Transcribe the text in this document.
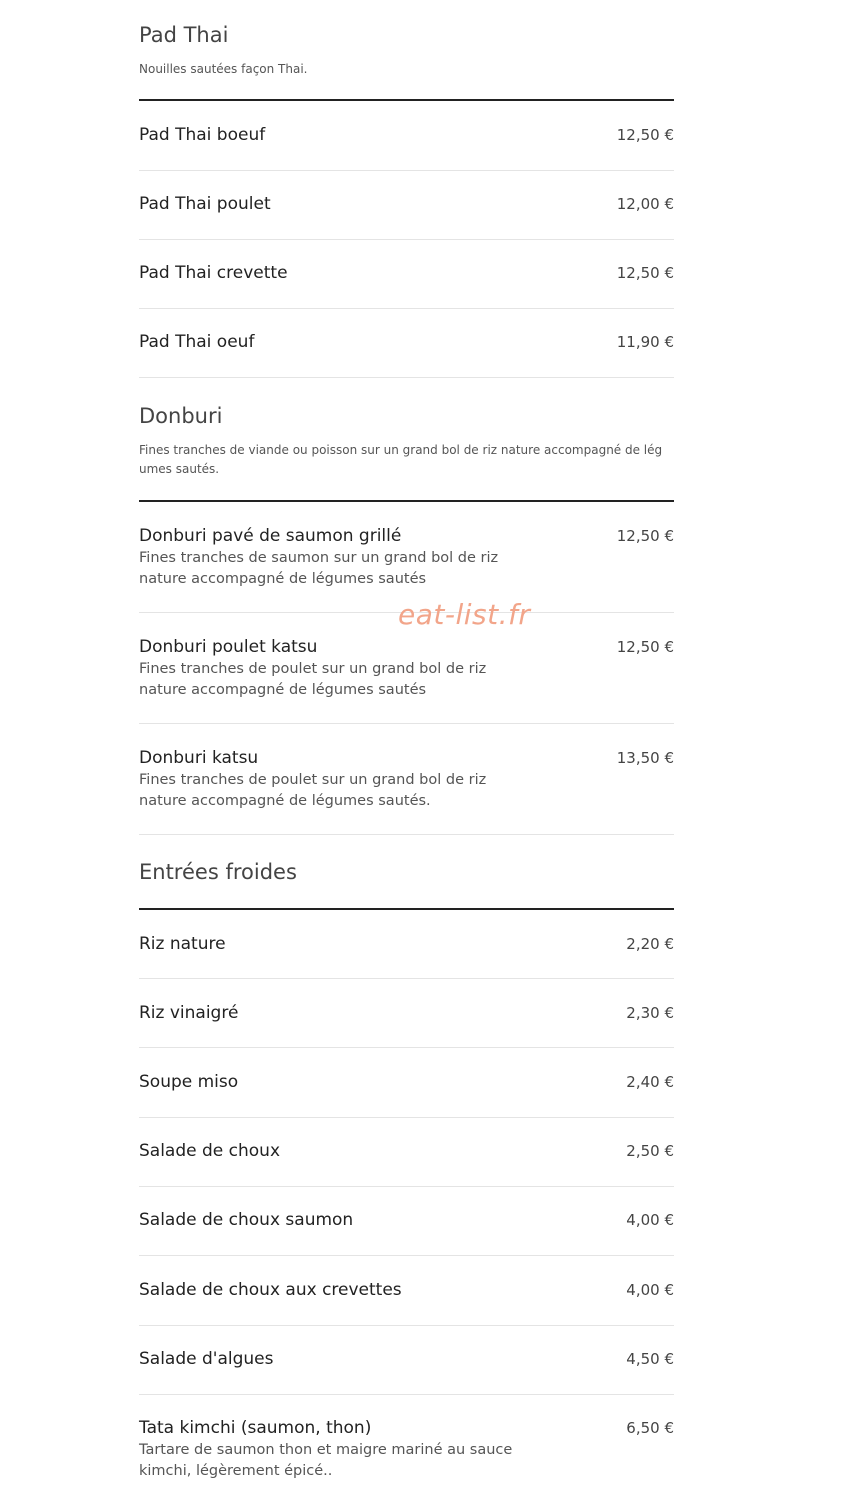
Pad Thai

Nouilles sautées façon Thai.

Pad Thai boeuf	12,50 €
Pad Thai poulet	12,00 €
Pad Thai crevette	12,50 €
Pad Thai oeuf	11,90 €
Donburi

Fines tranches de viande ou poisson sur un grand bol de riz nature accompagné de lég

umes sautés.

Donburi pavé de saumon grillé	12,50 €
Fines tranches de saumon sur un grand bol de riz
nature accompagné de légumes sautés
Donburi poulet katsu	12,50 €
Fines tranches de poulet sur un grand bol de riz
nature accompagné de légumes sautés
Donburi katsu	13,50 €
Fines tranches de poulet sur un grand bol de riz
nature accompagné de légumes sautés.
Entrées froides
Riz nature	2,20 €
Riz vinaigré	2,30 €
Soupe miso	2,40 €
Salade de choux	2,50 €
Salade de choux saumon	4,00 €
Salade de choux aux crevettes	4,00 €
Salade d'algues	4,50 €
Tata kimchi (saumon, thon)	6,50 €
Tartare de saumon thon et maigre mariné au sauce
kimchi, légèrement épicé..
eat-list.fr
